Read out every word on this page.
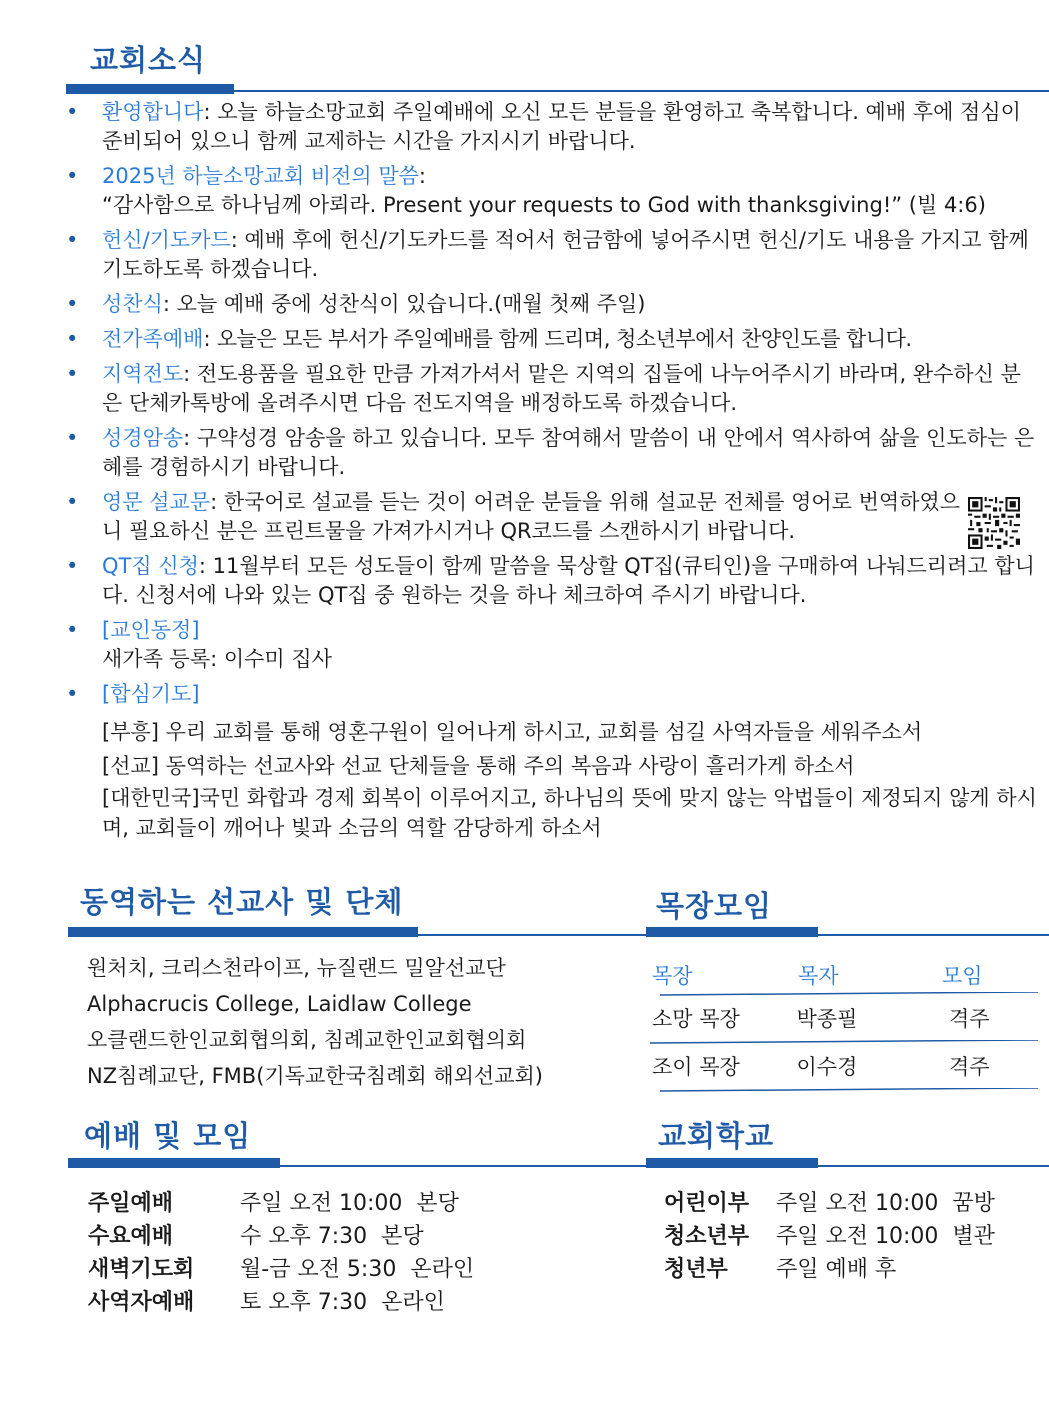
교회소식
• 환영합니다: 오늘 하늘소망교회 주일예배에 오신 모든 분들을 환영하고 축복합니다. 예배 후에 점심이 준비되어 있으니 함께 교제하는 시간을 가지시기 바랍니다.
• 2025년 하늘소망교회 비전의 말씀:
“감사함으로 하나님께 아뢰라. Present your requests to God with thanksgiving!” (빌 4:6)
• 헌신/기도카드: 예배 후에 헌신/기도카드를 적어서 헌금함에 넣어주시면 헌신/기도 내용을 가지고 함께 기도하도록 하겠습니다.
• 성찬식: 오늘 예배 중에 성찬식이 있습니다.(매월 첫째 주일)
• 전가족예배: 오늘은 모든 부서가 주일예배를 함께 드리며, 청소년부에서 찬양인도를 합니다.
• 지역전도: 전도용품을 필요한 만큼 가져가셔서 맡은 지역의 집들에 나누어주시기 바라며, 완수하신 분은 단체카톡방에 올려주시면 다음 전도지역을 배정하도록 하겠습니다.
• 성경암송: 구약성경 암송을 하고 있습니다. 모두 참여해서 말씀이 내 안에서 역사하여 삶을 인도하는 은혜를 경험하시기 바랍니다.
• 영문 설교문: 한국어로 설교를 듣는 것이 어려운 분들을 위해 설교문 전체를 영어로 번역하였으니 필요하신 분은 프린트물을 가져가시거나 QR코드를 스캔하시기 바랍니다.
• QT집 신청: 11월부터 모든 성도들이 함께 말씀을 묵상할 QT집(큐티인)을 구매하여 나눠드리려고 합니다. 신청서에 나와 있는 QT집 중 원하는 것을 하나 체크하여 주시기 바랍니다.
• [교인동정]
새가족 등록: 이수미 집사
• [합심기도]
[부흥] 우리 교회를 통해 영혼구원이 일어나게 하시고, 교회를 섬길 사역자들을 세워주소서
[선교] 동역하는 선교사와 선교 단체들을 통해 주의 복음과 사랑이 흘러가게 하소서
[대한민국]국민 화합과 경제 회복이 이루어지고, 하나님의 뜻에 맞지 않는 악법들이 제정되지 않게 하시며, 교회들이 깨어나 빛과 소금의 역할 감당하게 하소서
동역하는 선교사 및 단체
원처치, 크리스천라이프, 뉴질랜드 밀알선교단
Alphacrucis College, Laidlaw College
오클랜드한인교회협의회, 침례교한인교회협의회
NZ침례교단, FMB(기독교한국침례회 해외선교회)
목장모임
목장	목자	모임
소망 목장	박종필	격주
조이 목장	이수경	격주
예배 및 모임
주일예배	주일 오전 10:00  본당
수요예배	수 오후 7:30  본당
새벽기도회	월-금 오전 5:30  온라인
사역자예배	토 오후 7:30  온라인
교회학교
어린이부	주일 오전 10:00  꿈방
청소년부	주일 오전 10:00  별관
청년부	주일 예배 후
